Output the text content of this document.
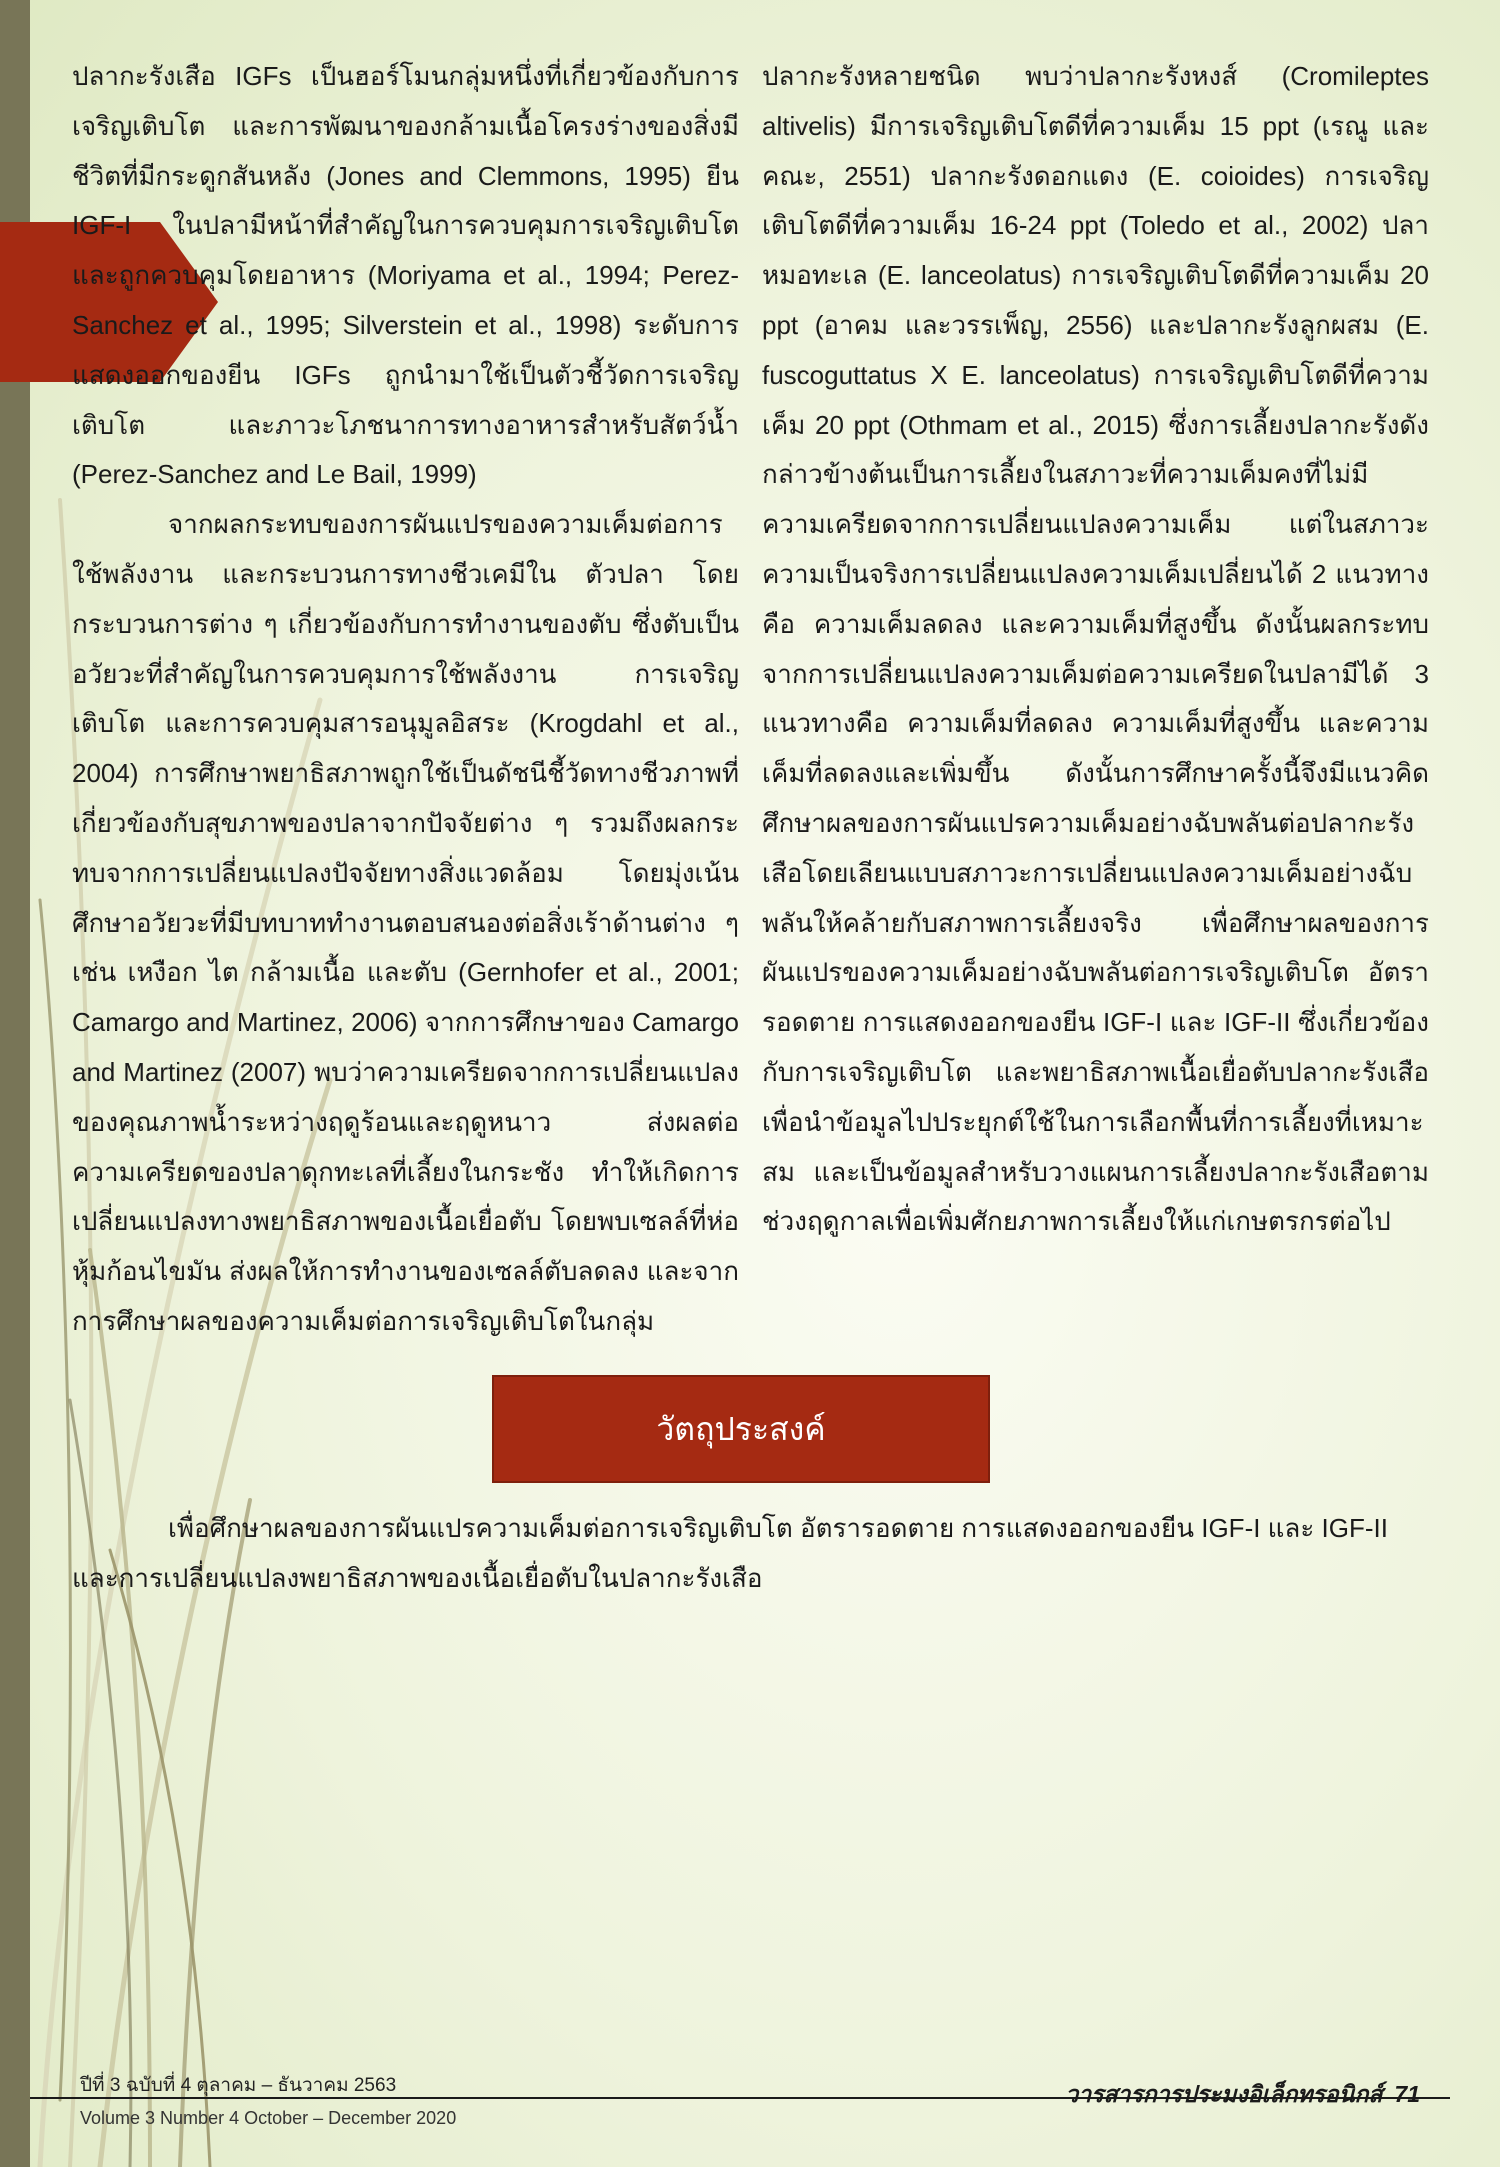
ปลากะรังเสือ IGFs เป็นฮอร์โมนกลุ่มหนึ่งที่เกี่ยวข้องกับการเจริญเติบโต และการพัฒนาของกล้ามเนื้อโครงร่างของสิ่งมีชีวิตที่มีกระดูกสันหลัง (Jones and Clemmons, 1995) ยีน IGF-I ในปลามีหน้าที่สำคัญในการควบคุมการเจริญเติบโต และถูกควบคุมโดยอาหาร (Moriyama et al., 1994; Perez-Sanchez et al., 1995; Silverstein et al., 1998) ระดับการแสดงออกของยีน IGFs ถูกนำมาใช้เป็นตัวชี้วัดการเจริญเติบโต และภาวะโภชนาการทางอาหารสำหรับสัตว์น้ำ (Perez-Sanchez and Le Bail, 1999)

จากผลกระทบของการผันแปรของความเค็มต่อการใช้พลังงาน และกระบวนการทางชีวเคมีใน ตัวปลา โดยกระบวนการต่าง ๆ เกี่ยวข้องกับการทำงานของตับ ซึ่งตับเป็นอวัยวะที่สำคัญในการควบคุมการใช้พลังงาน การเจริญเติบโต และการควบคุมสารอนุมูลอิสระ (Krogdahl et al., 2004) การศึกษาพยาธิสภาพถูกใช้เป็นดัชนีชี้วัดทางชีวภาพที่เกี่ยวข้องกับสุขภาพของปลาจากปัจจัยต่าง ๆ รวมถึงผลกระทบจากการเปลี่ยนแปลงปัจจัยทางสิ่งแวดล้อม โดยมุ่งเน้นศึกษาอวัยวะที่มีบทบาททำงานตอบสนองต่อสิ่งเร้าด้านต่าง ๆ เช่น เหงือก ไต กล้ามเนื้อ และตับ (Gernhofer et al., 2001; Camargo and Martinez, 2006) จากการศึกษาของ Camargo and Martinez (2007) พบว่าความเครียดจากการเปลี่ยนแปลงของคุณภาพน้ำระหว่างฤดูร้อนและฤดูหนาว ส่งผลต่อความเครียดของปลาดุกทะเลที่เลี้ยงในกระชัง ทำให้เกิดการเปลี่ยนแปลงทางพยาธิสภาพของเนื้อเยื่อตับ โดยพบเซลล์ที่ห่อหุ้มก้อนไขมัน ส่งผลให้การทำงานของเซลล์ตับลดลง และจากการศึกษาผลของความเค็มต่อการเจริญเติบโตในกลุ่ม

ปลากะรังหลายชนิด พบว่าปลากะรังหงส์ (Cromileptes altivelis) มีการเจริญเติบโตดีที่ความเค็ม 15 ppt (เรณู และคณะ, 2551) ปลากะรังดอกแดง (E. coioides) การเจริญเติบโตดีที่ความเค็ม 16-24 ppt (Toledo et al., 2002) ปลาหมอทะเล (E. lanceolatus) การเจริญเติบโตดีที่ความเค็ม 20 ppt (อาคม และวรรเพ็ญ, 2556) และปลากะรังลูกผสม (E. fuscoguttatus X E. lanceolatus) การเจริญเติบโตดีที่ความเค็ม 20 ppt (Othmam et al., 2015) ซึ่งการเลี้ยงปลากะรังดังกล่าวข้างต้นเป็นการเลี้ยงในสภาวะที่ความเค็มคงที่ไม่มีความเครียดจากการเปลี่ยนแปลงความเค็ม แต่ในสภาวะความเป็นจริงการเปลี่ยนแปลงความเค็มเปลี่ยนได้ 2 แนวทาง คือ ความเค็มลดลง และความเค็มที่สูงขึ้น ดังนั้นผลกระทบจากการเปลี่ยนแปลงความเค็มต่อความเครียดในปลามีได้ 3 แนวทางคือ ความเค็มที่ลดลง ความเค็มที่สูงขึ้น และความเค็มที่ลดลงและเพิ่มขึ้น ดังนั้นการศึกษาครั้งนี้จึงมีแนวคิดศึกษาผลของการผันแปรความเค็มอย่างฉับพลันต่อปลากะรังเสือโดยเลียนแบบสภาวะการเปลี่ยนแปลงความเค็มอย่างฉับพลันให้คล้ายกับสภาพการเลี้ยงจริง เพื่อศึกษาผลของการผันแปรของความเค็มอย่างฉับพลันต่อการเจริญเติบโต อัตรารอดตาย การแสดงออกของยีน IGF-I และ IGF-II ซึ่งเกี่ยวข้องกับการเจริญเติบโต และพยาธิสภาพเนื้อเยื่อตับปลากะรังเสือ เพื่อนำข้อมูลไปประยุกต์ใช้ในการเลือกพื้นที่การเลี้ยงที่เหมาะสม และเป็นข้อมูลสำหรับวางแผนการเลี้ยงปลากะรังเสือตามช่วงฤดูกาลเพื่อเพิ่มศักยภาพการเลี้ยงให้แก่เกษตรกรต่อไป

วัตถุประสงค์

เพื่อศึกษาผลของการผันแปรความเค็มต่อการเจริญเติบโต อัตรารอดตาย การแสดงออกของยีน IGF-I และ IGF-II และการเปลี่ยนแปลงพยาธิสภาพของเนื้อเยื่อตับในปลากะรังเสือ

ปีที่ 3 ฉบับที่ 4 ตุลาคม – ธันวาคม 2563
Volume 3 Number 4 October – December 2020
วารสารการประมงอิเล็กทรอนิกส์ 71
